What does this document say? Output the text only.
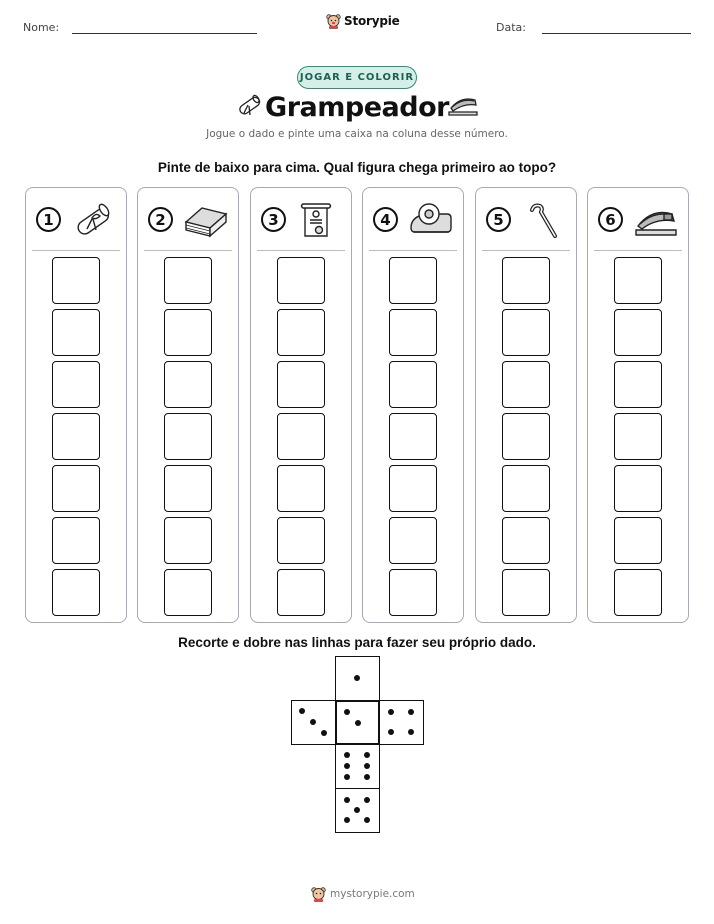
Nome:	Storypie	Data:
JOGAR E COLORIR
Grampeador
Jogue o dado e pinte uma caixa na coluna desse número.
Pinte de baixo para cima. Qual figura chega primeiro ao topo?
1	2	3	4	5	6
Recorte e dobre nas linhas para fazer seu próprio dado.
mystorypie.com
